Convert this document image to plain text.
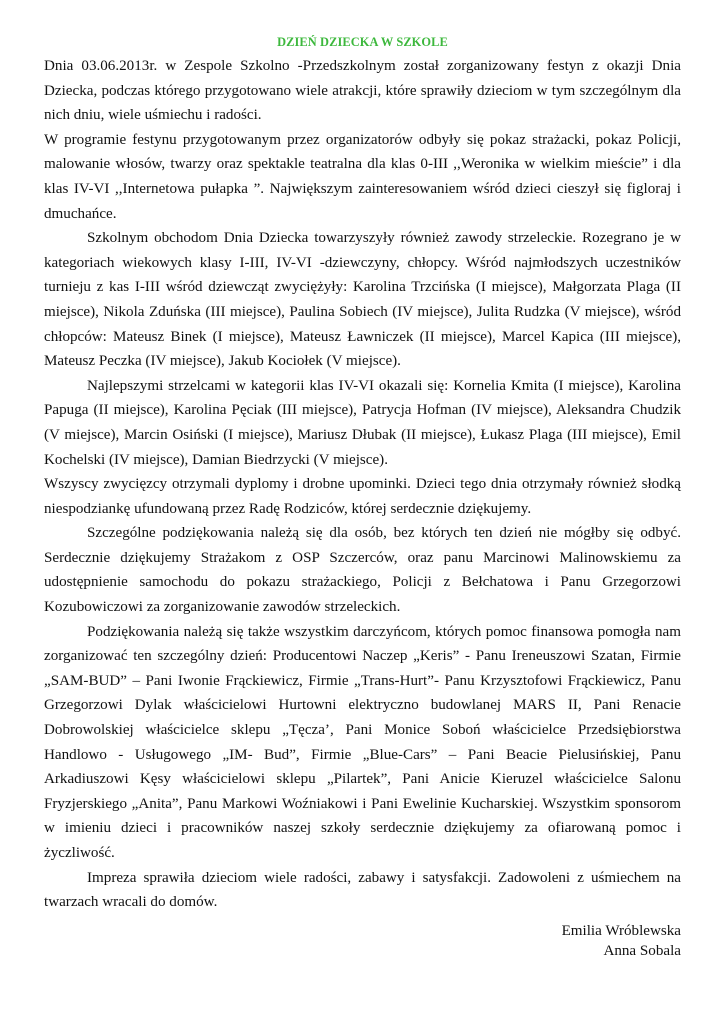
DZIEŃ DZIECKA W SZKOLE

Dnia 03.06.2013r. w Zespole Szkolno -Przedszkolnym został zorganizowany festyn z okazji Dnia Dziecka, podczas którego przygotowano wiele atrakcji, które sprawiły dzieciom w tym szczególnym dla nich dniu, wiele uśmiechu i radości.

W programie festynu przygotowanym przez organizatorów odbyły się pokaz strażacki, pokaz Policji, malowanie włosów, twarzy oraz spektakle teatralna dla klas 0-III ,,Weronika w wielkim mieście” i dla klas IV-VI ,,Internetowa pułapka ”. Największym zainteresowaniem wśród dzieci cieszył się figloraj i dmuchańce.

Szkolnym obchodom Dnia Dziecka towarzyszyły również zawody strzeleckie. Rozegrano je w kategoriach wiekowych klasy I-III, IV-VI -dziewczyny, chłopcy. Wśród najmłodszych uczestników turnieju z kas I-III wśród dziewcząt zwyciężyły: Karolina Trzcińska (I miejsce), Małgorzata Plaga (II miejsce), Nikola Zduńska (III miejsce), Paulina Sobiech (IV miejsce), Julita Rudzka (V miejsce), wśród chłopców: Mateusz Binek (I miejsce), Mateusz Ławniczek (II miejsce), Marcel Kapica (III miejsce), Mateusz Peczka (IV miejsce), Jakub Kociołek (V miejsce).

Najlepszymi strzelcami w kategorii klas IV-VI okazali się: Kornelia Kmita (I miejsce), Karolina Papuga (II miejsce), Karolina Pęciak (III miejsce), Patrycja Hofman (IV miejsce), Aleksandra Chudzik (V miejsce), Marcin Osiński (I miejsce), Mariusz Dłubak (II miejsce), Łukasz Plaga (III miejsce), Emil Kochelski (IV miejsce), Damian Biedrzycki (V miejsce).

Wszyscy zwycięzcy otrzymali dyplomy i drobne upominki. Dzieci tego dnia otrzymały również słodką niespodziankę ufundowaną przez Radę Rodziców, której serdecznie dziękujemy.

Szczególne podziękowania należą się dla osób, bez których ten dzień nie mógłby się odbyć. Serdecznie dziękujemy Strażakom z OSP Szczerców, oraz panu Marcinowi Malinowskiemu za udostępnienie samochodu do pokazu strażackiego, Policji z Bełchatowa i Panu Grzegorzowi Kozubowiczowi za zorganizowanie zawodów strzeleckich.

Podziękowania należą się także wszystkim darczyńcom, których pomoc finansowa pomogła nam zorganizować ten szczególny dzień: Producentowi Naczep „Keris” - Panu Ireneuszowi Szatan, Firmie „SAM-BUD” – Pani Iwonie Frąckiewicz, Firmie „Trans-Hurt”- Panu Krzysztofowi Frąckiewicz, Panu Grzegorzowi Dylak właścicielowi Hurtowni elektryczno budowlanej MARS II, Pani Renacie Dobrowolskiej właścicielce sklepu „Tęcza’, Pani Monice Soboń właścicielce Przedsiębiorstwa Handlowo - Usługowego „IM- Bud”, Firmie „Blue-Cars” – Pani Beacie Pielusińskiej, Panu Arkadiuszowi Kęsy właścicielowi sklepu „Pilartek”, Pani Anicie Kieruzel właścicielce Salonu Fryzjerskiego „Anita”, Panu Markowi Woźniakowi i Pani Ewelinie Kucharskiej. Wszystkim sponsorom w imieniu dzieci i pracowników naszej szkoły serdecznie dziękujemy za ofiarowaną pomoc i życzliwość.

Impreza sprawiła dzieciom wiele radości, zabawy i satysfakcji. Zadowoleni z uśmiechem na twarzach wracali do domów.

Emilia Wróblewska
Anna Sobala
